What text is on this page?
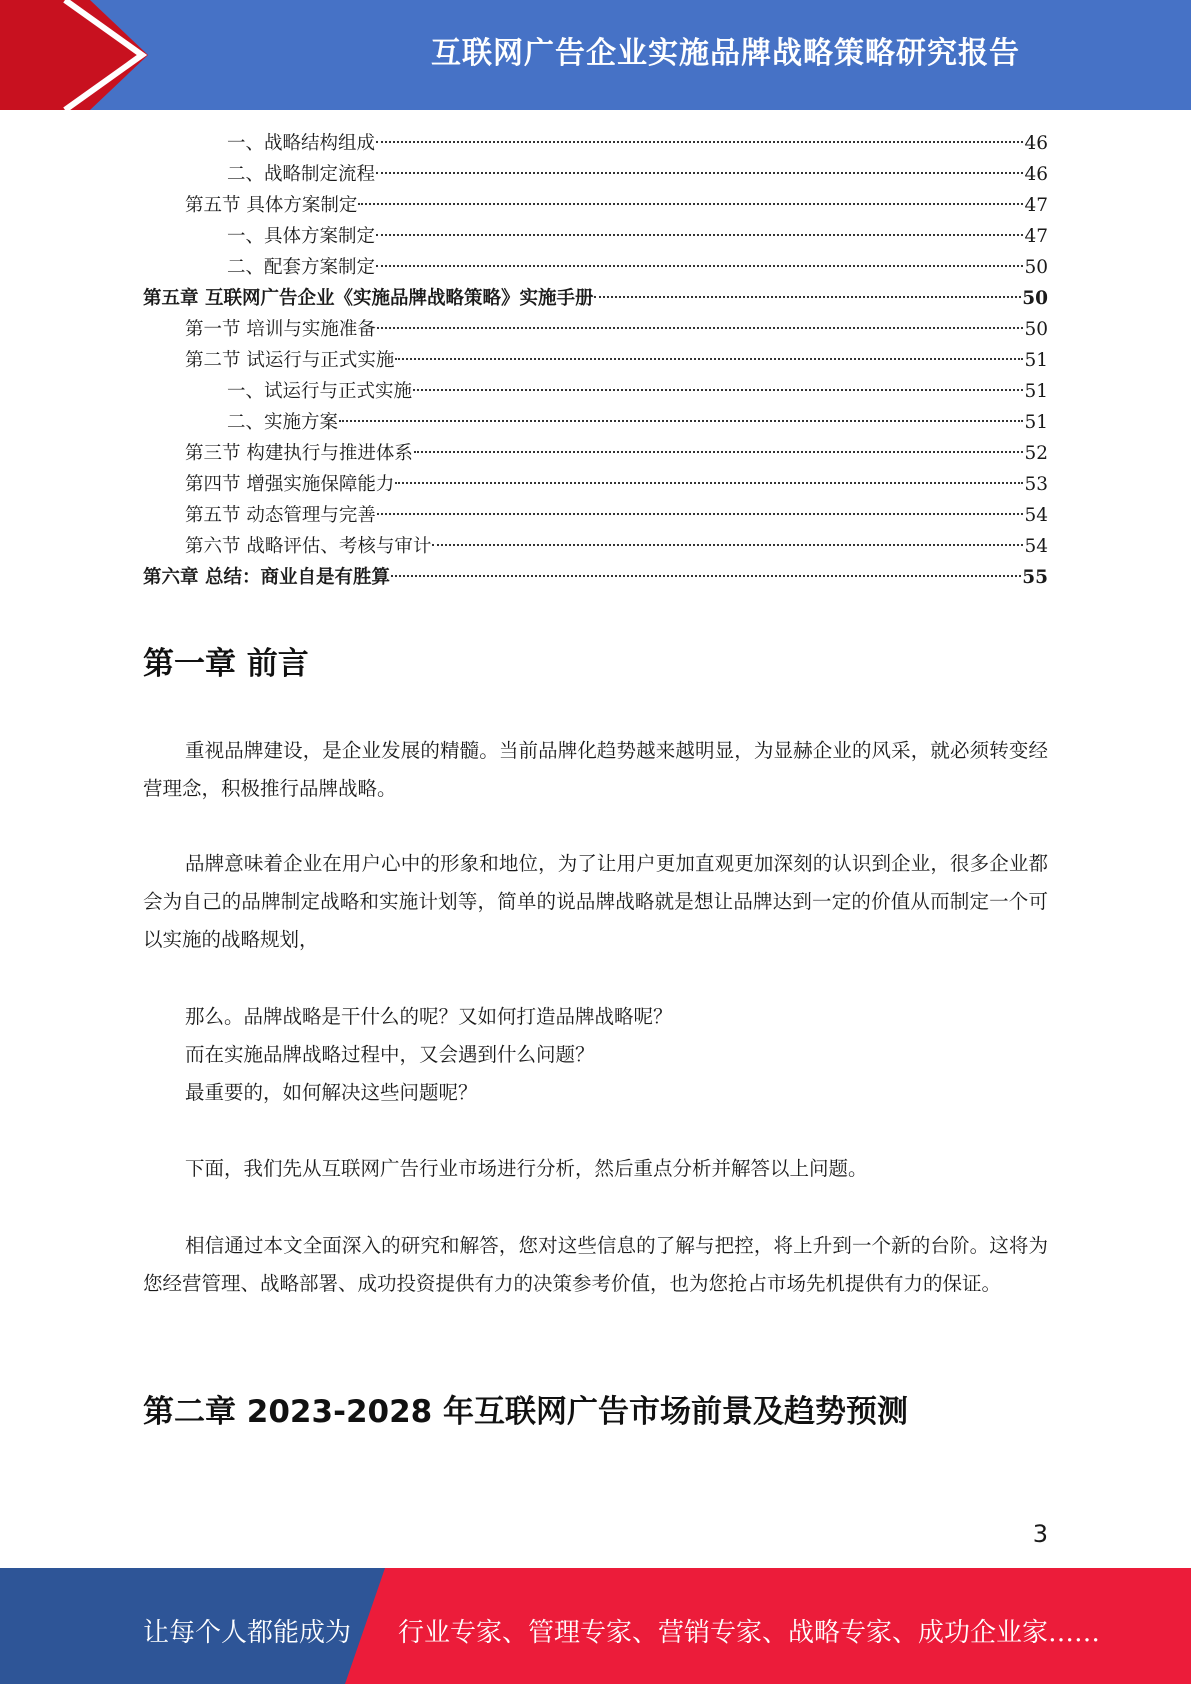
互联网广告企业实施品牌战略策略研究报告
一、战略结构组成	46
二、战略制定流程	46
第五节 具体方案制定	47
一、具体方案制定	47
二、配套方案制定	50
第五章 互联网广告企业《实施品牌战略策略》实施手册	50
第一节 培训与实施准备	50
第二节 试运行与正式实施	51
一、试运行与正式实施	51
二、实施方案	51
第三节 构建执行与推进体系	52
第四节 增强实施保障能力	53
第五节 动态管理与完善	54
第六节 战略评估、考核与审计	54
第六章 总结：商业自是有胜算	55
第一章 前言

重视品牌建设，是企业发展的精髓。当前品牌化趋势越来越明显，为显赫企业的风采，就必须转变经营理念，积极推行品牌战略。

品牌意味着企业在用户心中的形象和地位，为了让用户更加直观更加深刻的认识到企业，很多企业都会为自己的品牌制定战略和实施计划等，简单的说品牌战略就是想让品牌达到一定的价值从而制定一个可以实施的战略规划，

那么。品牌战略是干什么的呢？又如何打造品牌战略呢？

而在实施品牌战略过程中，又会遇到什么问题？

最重要的，如何解决这些问题呢？

下面，我们先从互联网广告行业市场进行分析，然后重点分析并解答以上问题。

相信通过本文全面深入的研究和解答，您对这些信息的了解与把控，将上升到一个新的台阶。这将为您经营管理、战略部署、成功投资提供有力的决策参考价值，也为您抢占市场先机提供有力的保证。

第二章 2023-2028 年互联网广告市场前景及趋势预测
3
让每个人都能成为 行业专家、管理专家、营销专家、战略专家、成功企业家……
